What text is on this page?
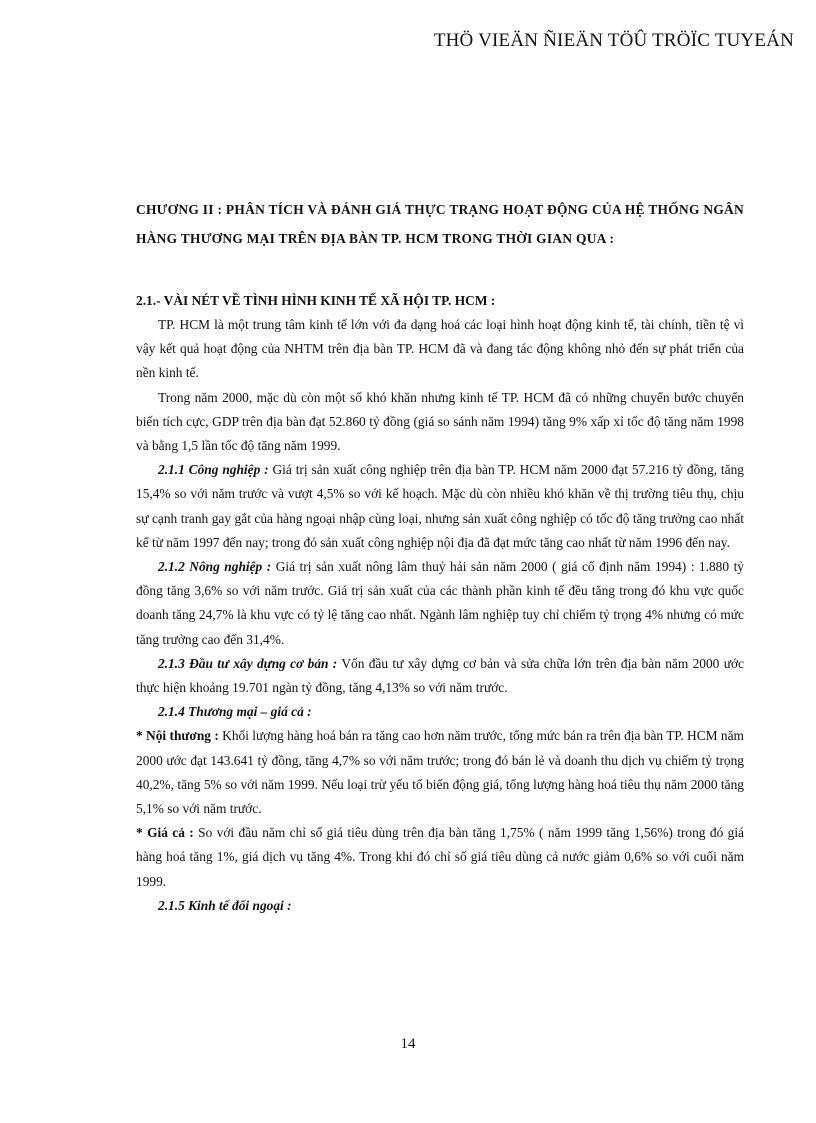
THÖ VIEÄN ÑIEÄN TÖÛ TRÖÏC TUYEÁN
CHƯƠNG II : PHÂN TÍCH VÀ ĐÁNH GIÁ THỰC TRẠNG HOẠT ĐỘNG CỦA HỆ THỐNG NGÂN HÀNG THƯƠNG MẠI TRÊN ĐỊA BÀN TP. HCM TRONG THỜI GIAN QUA :
2.1.- VÀI NÉT VỀ TÌNH HÌNH KINH TẾ XÃ HỘI TP. HCM :

TP. HCM là một trung tâm kinh tế lớn với đa dạng hoá các loại hình hoạt động kinh tế, tài chính, tiền tệ vì vậy kết quả hoạt động của NHTM trên địa bàn TP. HCM đã và đang tác động không nhỏ đến sự phát triển của nền kinh tế.

Trong năm 2000, mặc dù còn một số khó khăn nhưng kinh tế TP. HCM đã có những chuyển bước chuyển biến tích cực, GDP trên địa bàn đạt 52.860 tỷ đồng (giá so sánh năm 1994) tăng 9% xấp xỉ tốc độ tăng năm 1998 và bằng 1,5 lần tốc độ tăng năm 1999.

2.1.1 Công nghiệp : Giá trị sản xuất công nghiệp trên địa bàn TP. HCM năm 2000 đạt 57.216 tỷ đồng, tăng 15,4% so với năm trước và vượt 4,5% so với kế hoạch. Mặc dù còn nhiều khó khăn về thị trường tiêu thụ, chịu sự cạnh tranh gay gắt của hàng ngoại nhập cùng loại, nhưng sản xuất công nghiệp có tốc độ tăng trưởng cao nhất kể từ năm 1997 đến nay; trong đó sản xuất công nghiệp nội địa đã đạt mức tăng cao nhất từ năm 1996 đến nay.

2.1.2 Nông nghiệp : Giá trị sản xuất nông lâm thuỷ hải sản năm 2000 ( giá cố định năm 1994) : 1.880 tỷ đồng tăng 3,6% so với năm trước. Giá trị sản xuất của các thành phần kinh tế đều tăng trong đó khu vực quốc doanh tăng 24,7% là khu vực có tỷ lệ tăng cao nhất. Ngành lâm nghiệp tuy chỉ chiếm tỷ trọng 4% nhưng có mức tăng trưởng cao đến 31,4%.

2.1.3 Đầu tư xây dựng cơ bản : Vốn đầu tư xây dựng cơ bản và sửa chữa lớn trên địa bàn năm 2000 ước thực hiện khoảng 19.701 ngàn tỷ đồng, tăng 4,13% so với năm trước.

2.1.4 Thương mại – giá cả :

* Nội thương : Khối lượng hàng hoá bán ra tăng cao hơn năm trước, tổng mức bán ra trên địa bàn TP. HCM năm 2000 ước đạt 143.641 tỷ đồng, tăng 4,7% so với năm trước; trong đó bán lẻ và doanh thu dịch vụ chiếm tỷ trọng 40,2%, tăng 5% so với năm 1999. Nếu loại trừ yếu tố biến động giá, tổng lượng hàng hoá tiêu thụ năm 2000 tăng 5,1% so với năm trước.

* Giá cả : So với đầu năm chỉ số giá tiêu dùng trên địa bàn tăng 1,75% ( năm 1999 tăng 1,56%) trong đó giá hàng hoá tăng 1%, giá dịch vụ tăng 4%. Trong khi đó chỉ số giá tiêu dùng cả nước giảm 0,6% so với cuối năm 1999.

2.1.5 Kinh tế đối ngoại :
14
